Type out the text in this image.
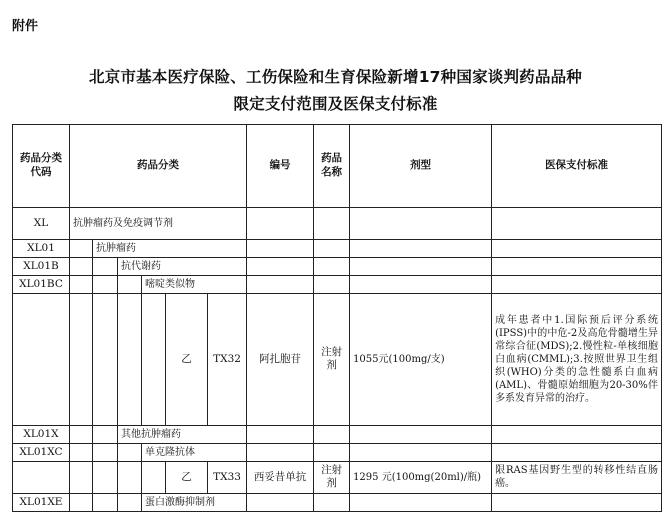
附件
北京市基本医疗保险、工伤保险和生育保险新增17种国家谈判药品品种
限定支付范围及医保支付标准
药品分类代码	药品分类						编号	药品名称	剂型	医保支付标准	
XL	抗肿瘤药及免疫调节剂										
XL01		抗肿瘤药									
XL01B			抗代谢药								
XL01BC				嘧啶类似物							
					乙	TX32	阿扎胞苷	注射剂	1055元(100mg/支)	成年患者中1.国际预后评分系统(IPSS)中的中危-2及高危骨髓增生异常综合征(MDS);2.慢性粒-单核细胞白血病(CMML);3.按照世界卫生组织(WHO)分类的急性髓系白血病(AML)、骨髓原始细胞为20-30%伴多系发育异常的治疗。	
XL01X			其他抗肿瘤药								
XL01XC				单克隆抗体							
					乙	TX33	西妥昔单抗	注射剂	1295 元(100mg(20ml)/瓶)	限RAS基因野生型的转移性结直肠癌。	
XL01XE				蛋白激酶抑制剂							
